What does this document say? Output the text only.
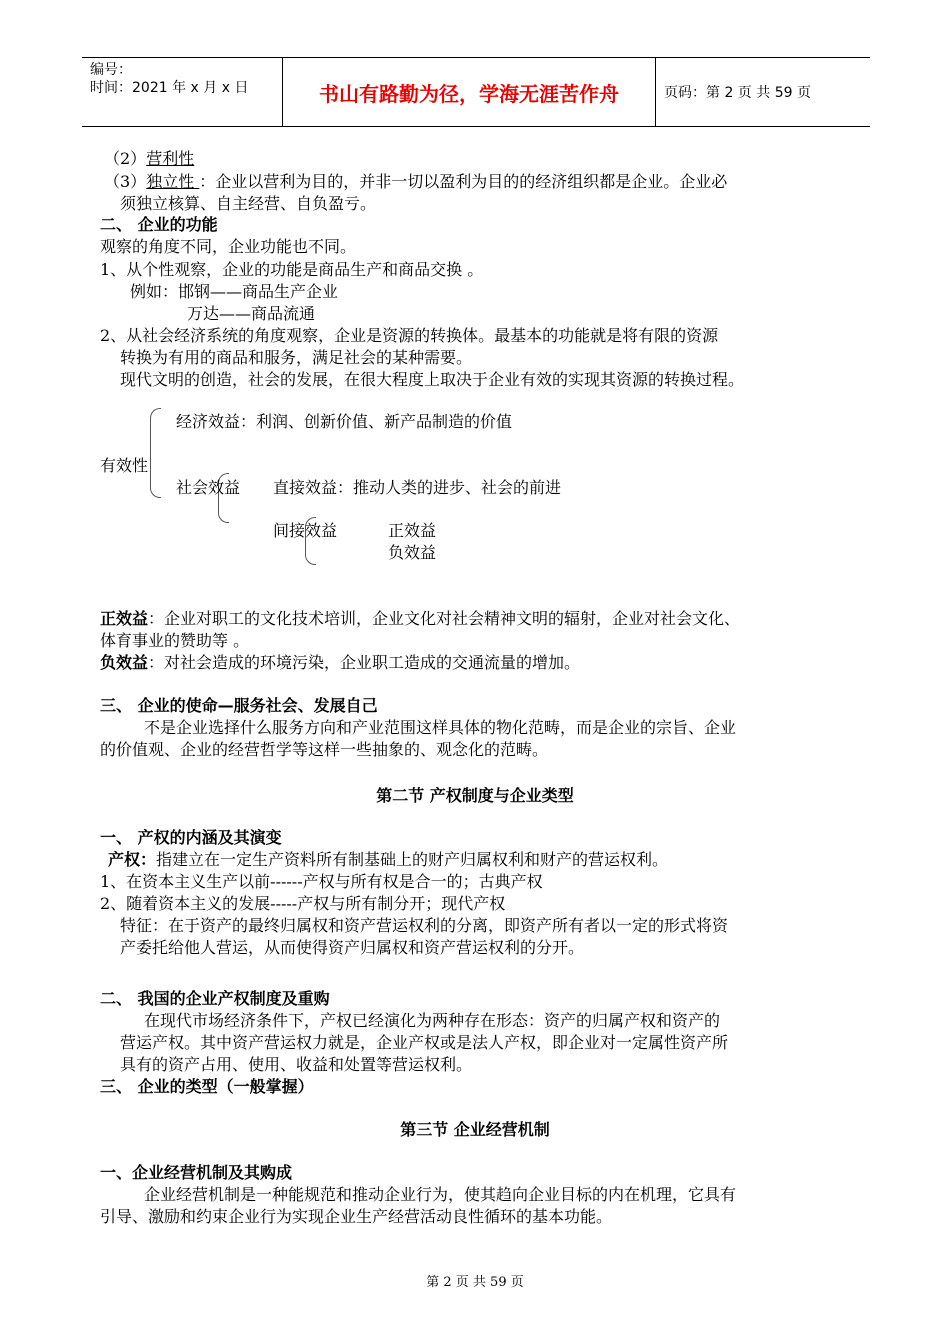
编号：
时间：2021 年 x 月 x 日	书山有路勤为径，学海无涯苦作舟	页码：第 2 页 共 59 页
（2）营利性
（3）独立性 ：企业以营利为目的，并非一切以盈利为目的的经济组织都是企业。企业必
须独立核算、自主经营、自负盈亏。
二、 企业的功能
观察的角度不同，企业功能也不同。
1、从个性观察，企业的功能是商品生产和商品交换 。
例如：邯钢——商品生产企业
万达——商品流通
2、从社会经济系统的角度观察，企业是资源的转换体。最基本的功能就是将有限的资源
转换为有用的商品和服务，满足社会的某种需要。
现代文明的创造，社会的发展，在很大程度上取决于企业有效的实现其资源的转换过程。
经济效益：利润、创新价值、新产品制造的价值
有效性
社会效益 直接效益：推动人类的进步、社会的前进
间接效益	正效益
负效益
正效益：企业对职工的文化技术培训，企业文化对社会精神文明的辐射，企业对社会文化、
体育事业的赞助等 。
负效益：对社会造成的环境污染，企业职工造成的交通流量的增加。
三、 企业的使命—服务社会、发展自己
不是企业选择什么服务方向和产业范围这样具体的物化范畴，而是企业的宗旨、企业
的价值观、企业的经营哲学等这样一些抽象的、观念化的范畴。
第二节 产权制度与企业类型
一、 产权的内涵及其演变
产权：指建立在一定生产资料所有制基础上的财产归属权利和财产的营运权利。
1、在资本主义生产以前------产权与所有权是合一的；古典产权
2、随着资本主义的发展-----产权与所有制分开；现代产权
特征：在于资产的最终归属权和资产营运权利的分离，即资产所有者以一定的形式将资
产委托给他人营运，从而使得资产归属权和资产营运权利的分开。
二、 我国的企业产权制度及重购
在现代市场经济条件下，产权已经演化为两种存在形态：资产的归属产权和资产的
营运产权。其中资产营运权力就是，企业产权或是法人产权，即企业对一定属性资产所
具有的资产占用、使用、收益和处置等营运权利。
三、 企业的类型（一般掌握）
第三节 企业经营机制
一、企业经营机制及其购成
企业经营机制是一种能规范和推动企业行为，使其趋向企业目标的内在机理，它具有
引导、激励和约束企业行为实现企业生产经营活动良性循环的基本功能。
第 2 页 共 59 页
